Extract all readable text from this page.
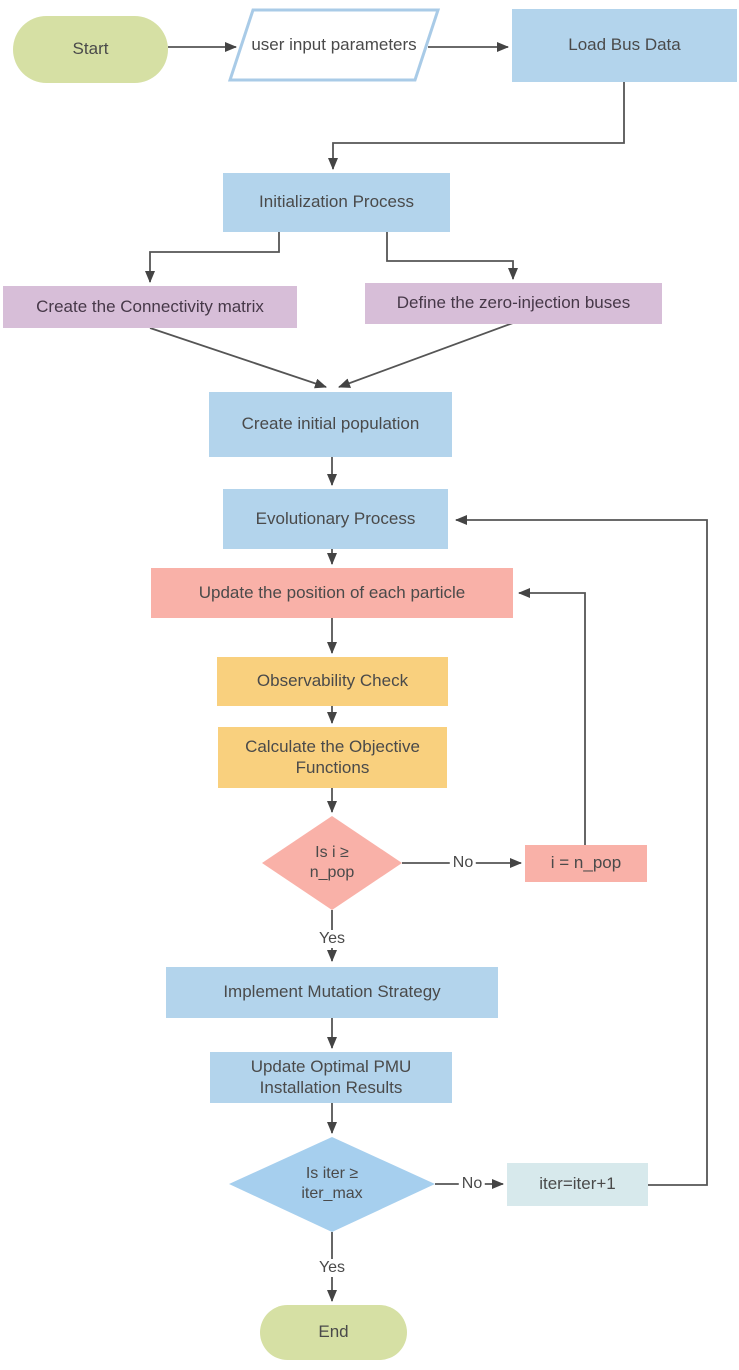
Start	user input parameters	Load Bus Data
Initialization Process
Create the Connectivity matrix	Define the zero-injection buses
Create initial population
Evolutionary Process
Update the position of each particle
Observability Check
Calculate the Objective Functions
Is i ≥
n_pop
i = n_pop
Implement Mutation Strategy
Update Optimal PMU Installation Results
Is iter ≥
iter_max
iter=iter+1
End
Yes
No
Yes
No
